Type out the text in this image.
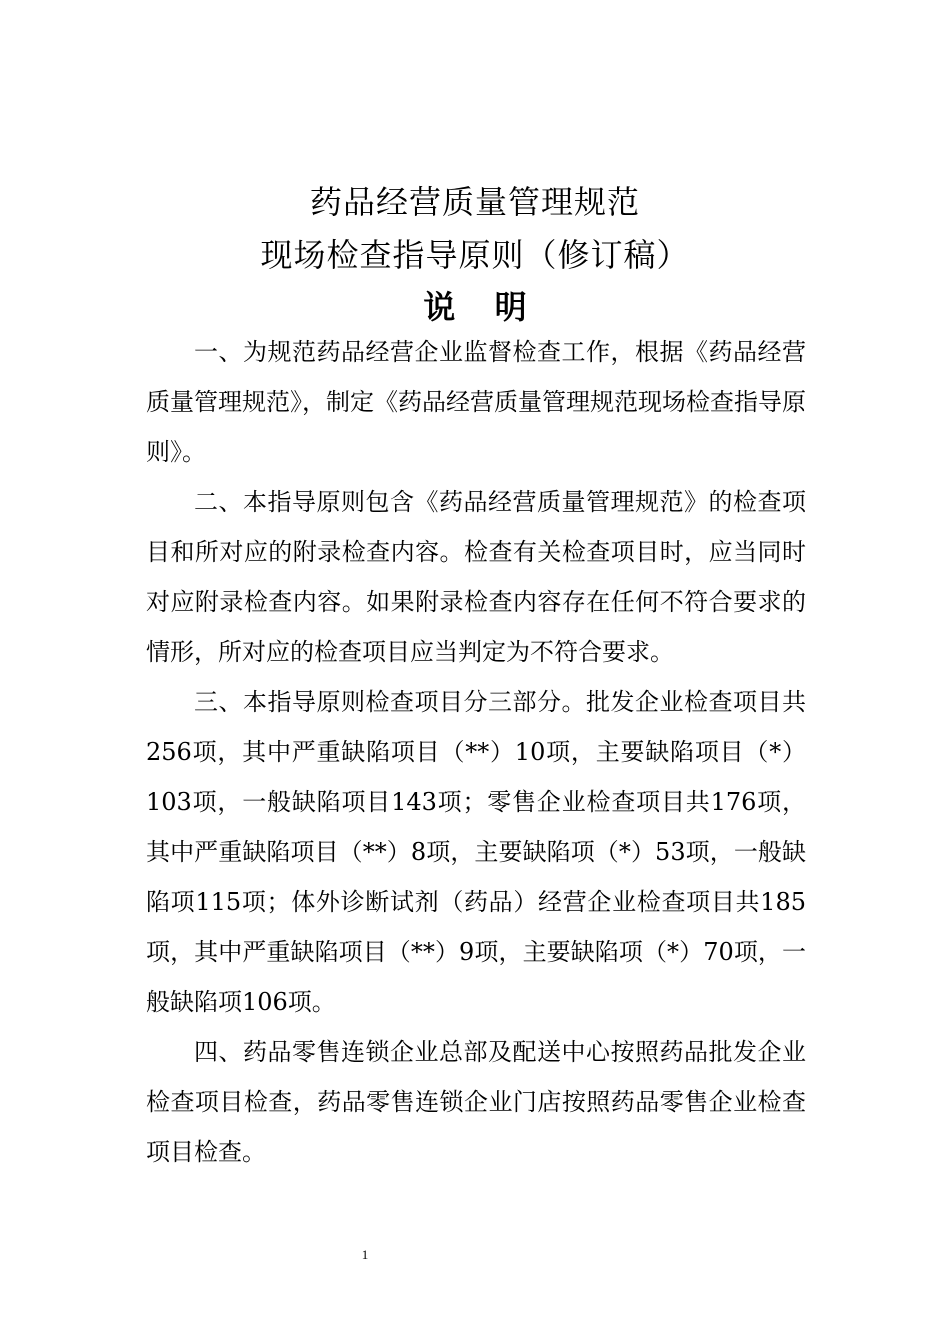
药品经营质量管理规范
现场检查指导原则（修订稿）
说 明

一、为规范药品经营企业监督检查工作，根据《药品经营质量管理规范》，制定《药品经营质量管理规范现场检查指导原则》。

二、本指导原则包含《药品经营质量管理规范》的检查项目和所对应的附录检查内容。检查有关检查项目时，应当同时对应附录检查内容。如果附录检查内容存在任何不符合要求的情形，所对应的检查项目应当判定为不符合要求。

三、本指导原则检查项目分三部分。批发企业检查项目共256项，其中严重缺陷项目（**）10项，主要缺陷项目（*）103项，一般缺陷项目143项；零售企业检查项目共176项，其中严重缺陷项目（**）8项，主要缺陷项（*）53项，一般缺陷项115项；体外诊断试剂（药品）经营企业检查项目共185项，其中严重缺陷项目（**）9项，主要缺陷项（*）70项，一般缺陷项106项。

四、药品零售连锁企业总部及配送中心按照药品批发企业检查项目检查，药品零售连锁企业门店按照药品零售企业检查项目检查。

1
